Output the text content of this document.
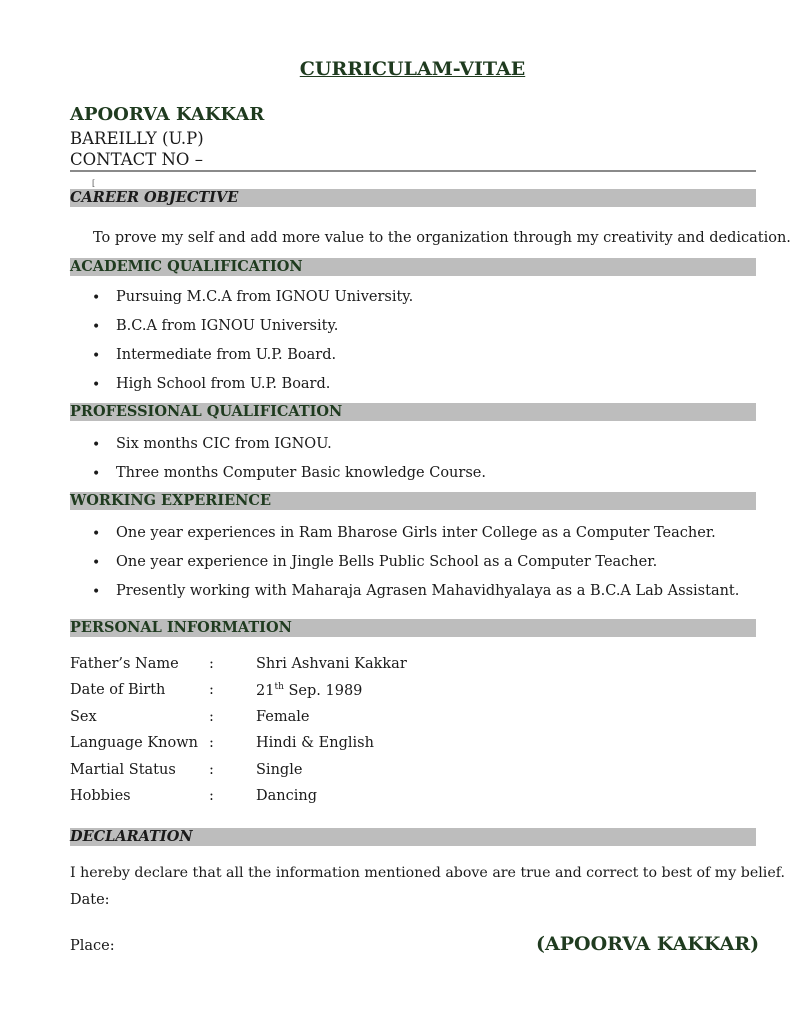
CURRICULAM-VITAE
APOORVA KAKKAR
BAREILLY (U.P)
CONTACT NO –
[
CAREER OBJECTIVE
To prove my self and add more value to the organization through my creativity and dedication.
ACADEMIC QUALIFICATION
• Pursuing M.C.A from IGNOU University.
• B.C.A from IGNOU University.
• Intermediate from U.P. Board.
• High School from U.P. Board.
PROFESSIONAL QUALIFICATION
• Six months CIC from IGNOU.
• Three months Computer Basic knowledge Course.
WORKING EXPERIENCE
• One year experiences in Ram Bharose Girls inter College as a Computer Teacher.
• One year experience in Jingle Bells Public School as a Computer Teacher.
• Presently working with Maharaja Agrasen Mahavidhyalaya as a B.C.A Lab Assistant.
PERSONAL INFORMATION
Father’s Name :	Shri Ashvani Kakkar
Date of Birth	:	21th Sep. 1989
Sex	:	Female
Language Known :	Hindi & English
Martial Status :	Single
Hobbies	:	Dancing
DECLARATION
I hereby declare that all the information mentioned above are true and correct to best of my belief.
Date:
Place:	(APOORVA KAKKAR)
